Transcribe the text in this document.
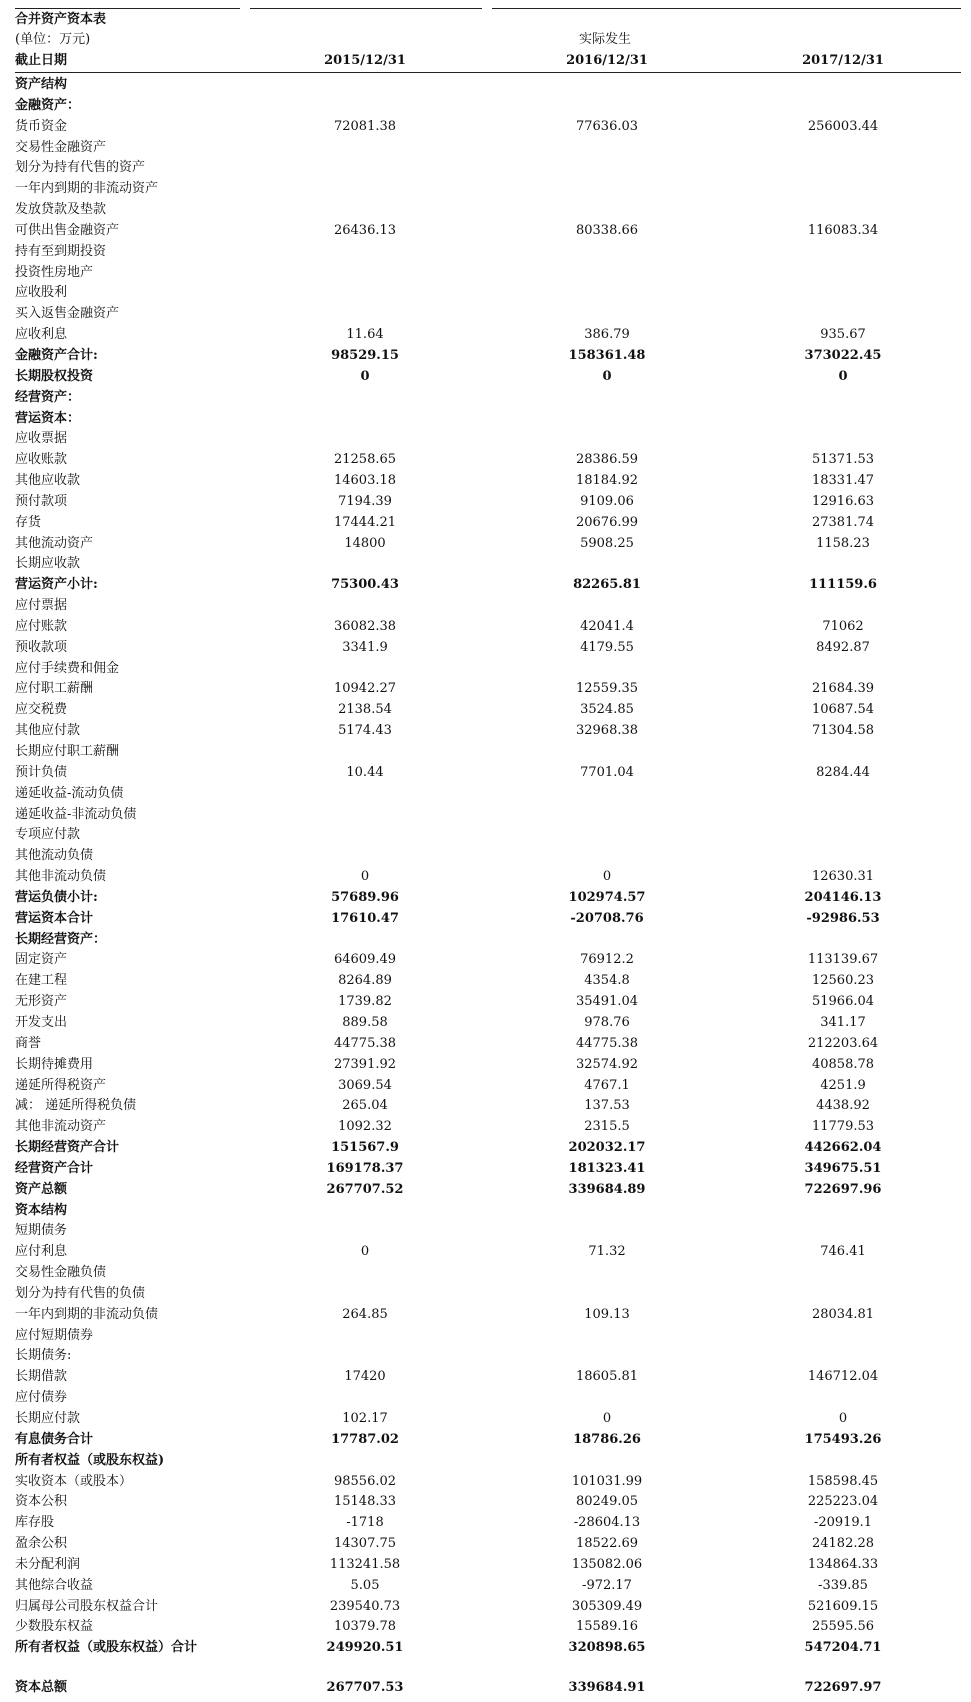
合并资产资本表
(单位：万元)	实际发生
截止日期	2015/12/31	2016/12/31	2017/12/31
资产结构
金融资产：
货币资金	72081.38	77636.03	256003.44
交易性金融资产
划分为持有代售的资产
一年内到期的非流动资产
发放贷款及垫款
可供出售金融资产	26436.13	80338.66	116083.34
持有至到期投资
投资性房地产
应收股利
买入返售金融资产
应收利息	11.64	386.79	935.67
金融资产合计:	98529.15	158361.48	373022.45
长期股权投资	0	0	0
经营资产：
营运资本：
应收票据
应收账款	21258.65	28386.59	51371.53
其他应收款	14603.18	18184.92	18331.47
预付款项	7194.39	9109.06	12916.63
存货	17444.21	20676.99	27381.74
其他流动资产	14800	5908.25	1158.23
长期应收款
营运资产小计:	75300.43	82265.81	111159.6
应付票据
应付账款	36082.38	42041.4	71062
预收款项	3341.9	4179.55	8492.87
应付手续费和佣金
应付职工薪酬	10942.27	12559.35	21684.39
应交税费	2138.54	3524.85	10687.54
其他应付款	5174.43	32968.38	71304.58
长期应付职工薪酬
预计负债	10.44	7701.04	8284.44
递延收益-流动负债
递延收益-非流动负债
专项应付款
其他流动负债
其他非流动负债	0	0	12630.31
营运负债小计:	57689.96	102974.57	204146.13
营运资本合计	17610.47	-20708.76	-92986.53
长期经营资产：
固定资产	64609.49	76912.2	113139.67
在建工程	8264.89	4354.8	12560.23
无形资产	1739.82	35491.04	51966.04
开发支出	889.58	978.76	341.17
商誉	44775.38	44775.38	212203.64
长期待摊费用	27391.92	32574.92	40858.78
递延所得税资产	3069.54	4767.1	4251.9
减： 递延所得税负债	265.04	137.53	4438.92
其他非流动资产	1092.32	2315.5	11779.53
长期经营资产合计	151567.9	202032.17	442662.04
经营资产合计	169178.37	181323.41	349675.51
资产总额	267707.52	339684.89	722697.96
资本结构
短期债务
应付利息	0	71.32	746.41
交易性金融负债
划分为持有代售的负债
一年内到期的非流动负债	264.85	109.13	28034.81
应付短期债券
长期债务:
长期借款	17420	18605.81	146712.04
应付债券
长期应付款	102.17	0	0
有息债务合计	17787.02	18786.26	175493.26
所有者权益（或股东权益)
实收资本（或股本）	98556.02	101031.99	158598.45
资本公积	15148.33	80249.05	225223.04
库存股	-1718	-28604.13	-20919.1
盈余公积	14307.75	18522.69	24182.28
未分配利润	113241.58	135082.06	134864.33
其他综合收益	5.05	-972.17	-339.85
归属母公司股东权益合计	239540.73	305309.49	521609.15
少数股东权益	10379.78	15589.16	25595.56
所有者权益（或股东权益）合计	249920.51	320898.65	547204.71
资本总额	267707.53	339684.91	722697.97
